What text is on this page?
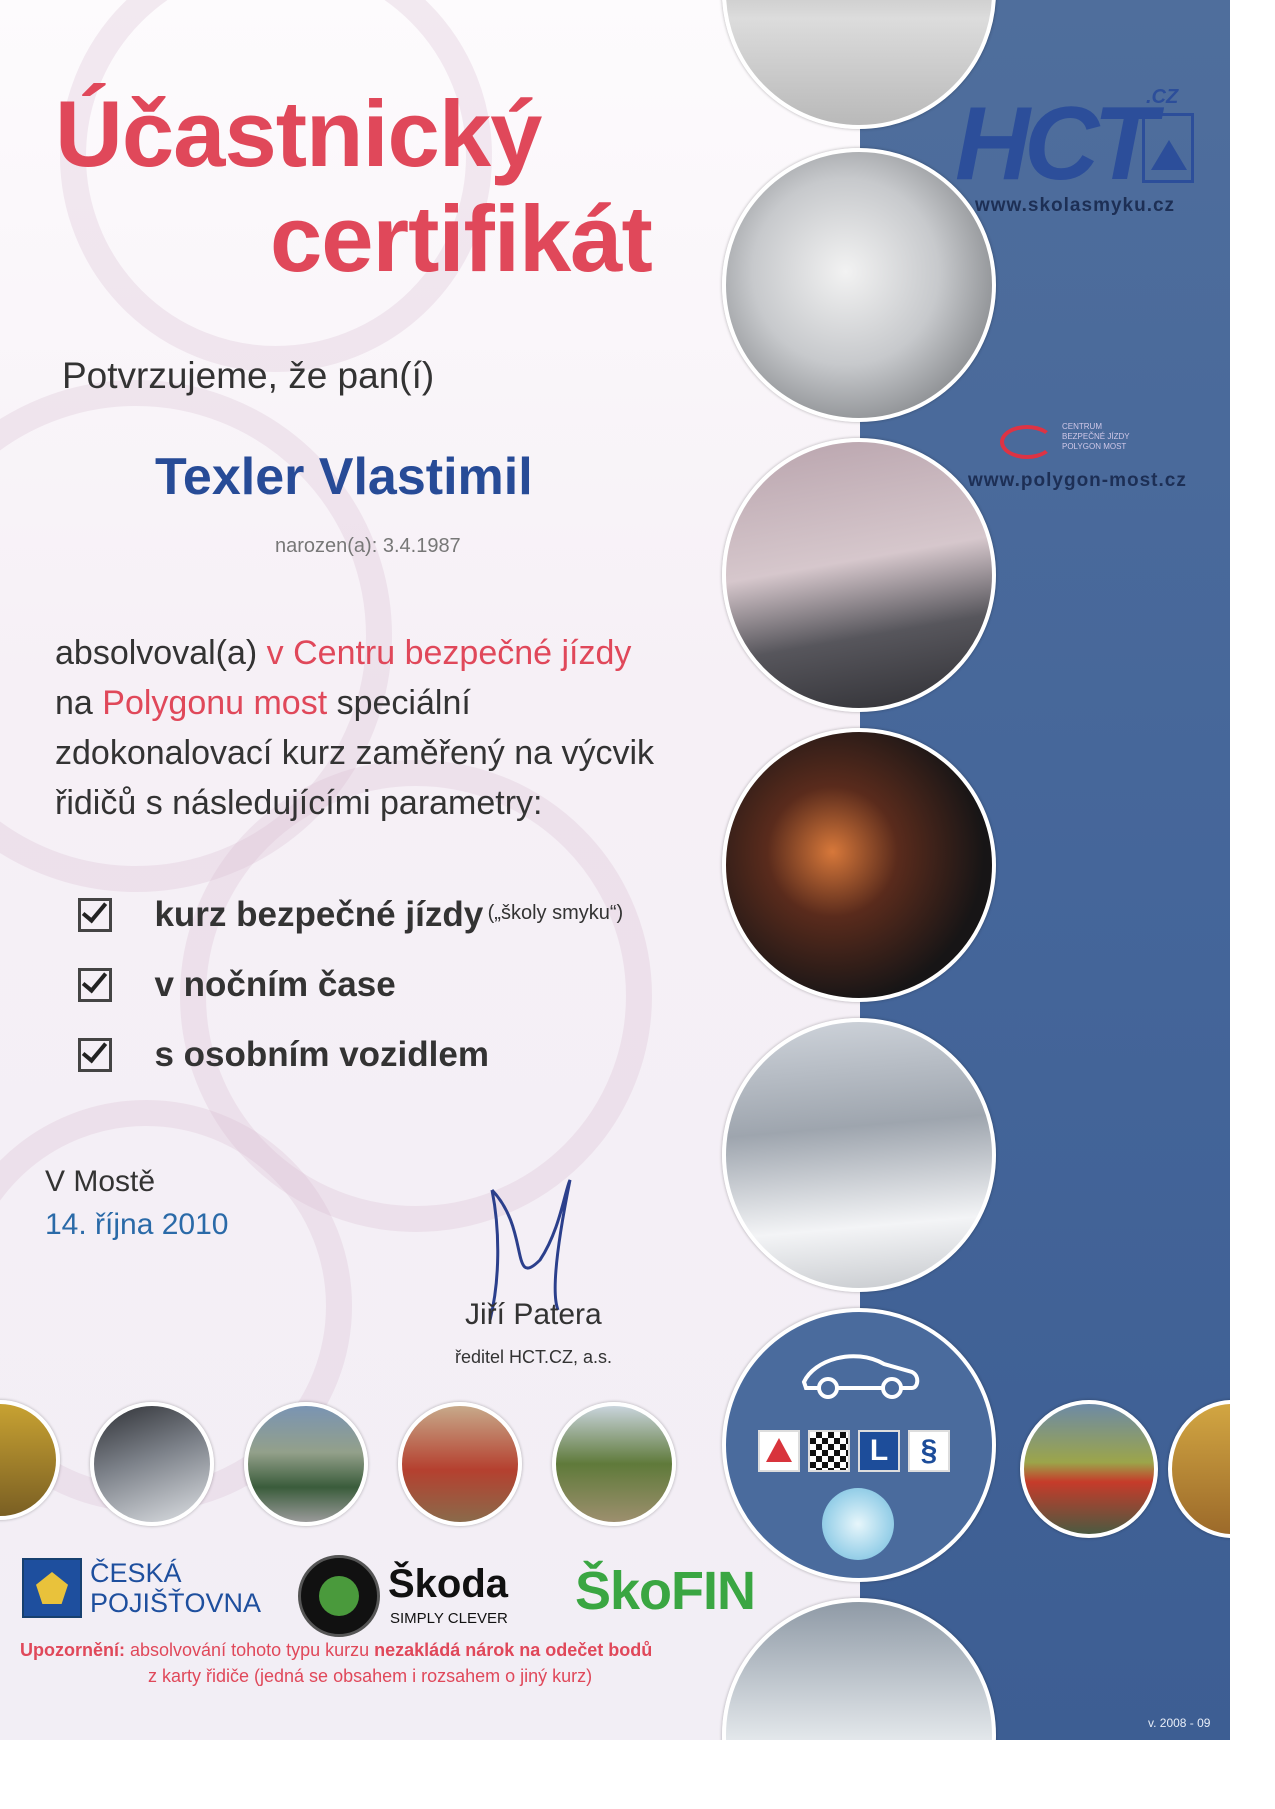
Účastnický
certifikát
Potvrzujeme, že pan(í)
Texler Vlastimil
narozen(a): 3.4.1987
absolvoval(a) v Centru bezpečné jízdy
na Polygonu most speciální
zdokonalovací kurz zaměřený na výcvik
řidičů s následujícími parametry:
kurz bezpečné jízdy („školy smyku“)
v nočním čase
s osobním vozidlem
V Mostě
14. října 2010
Jiří Patera
ředitel HCT.CZ, a.s.
L	§
HCT
.CZ
www.skolasmyku.cz
CENTRUM
BEZPEČNÉ JÍZDY
POLYGON MOST
www.polygon-most.cz
ČESKÁ
POJIŠŤOVNA	Škoda
SIMPLY CLEVER ŠkoFIN
Upozornění: absolvování tohoto typu kurzu nezakládá nárok na odečet bodů
z karty řidiče (jedná se obsahem i rozsahem o jiný kurz)
v. 2008 - 09
